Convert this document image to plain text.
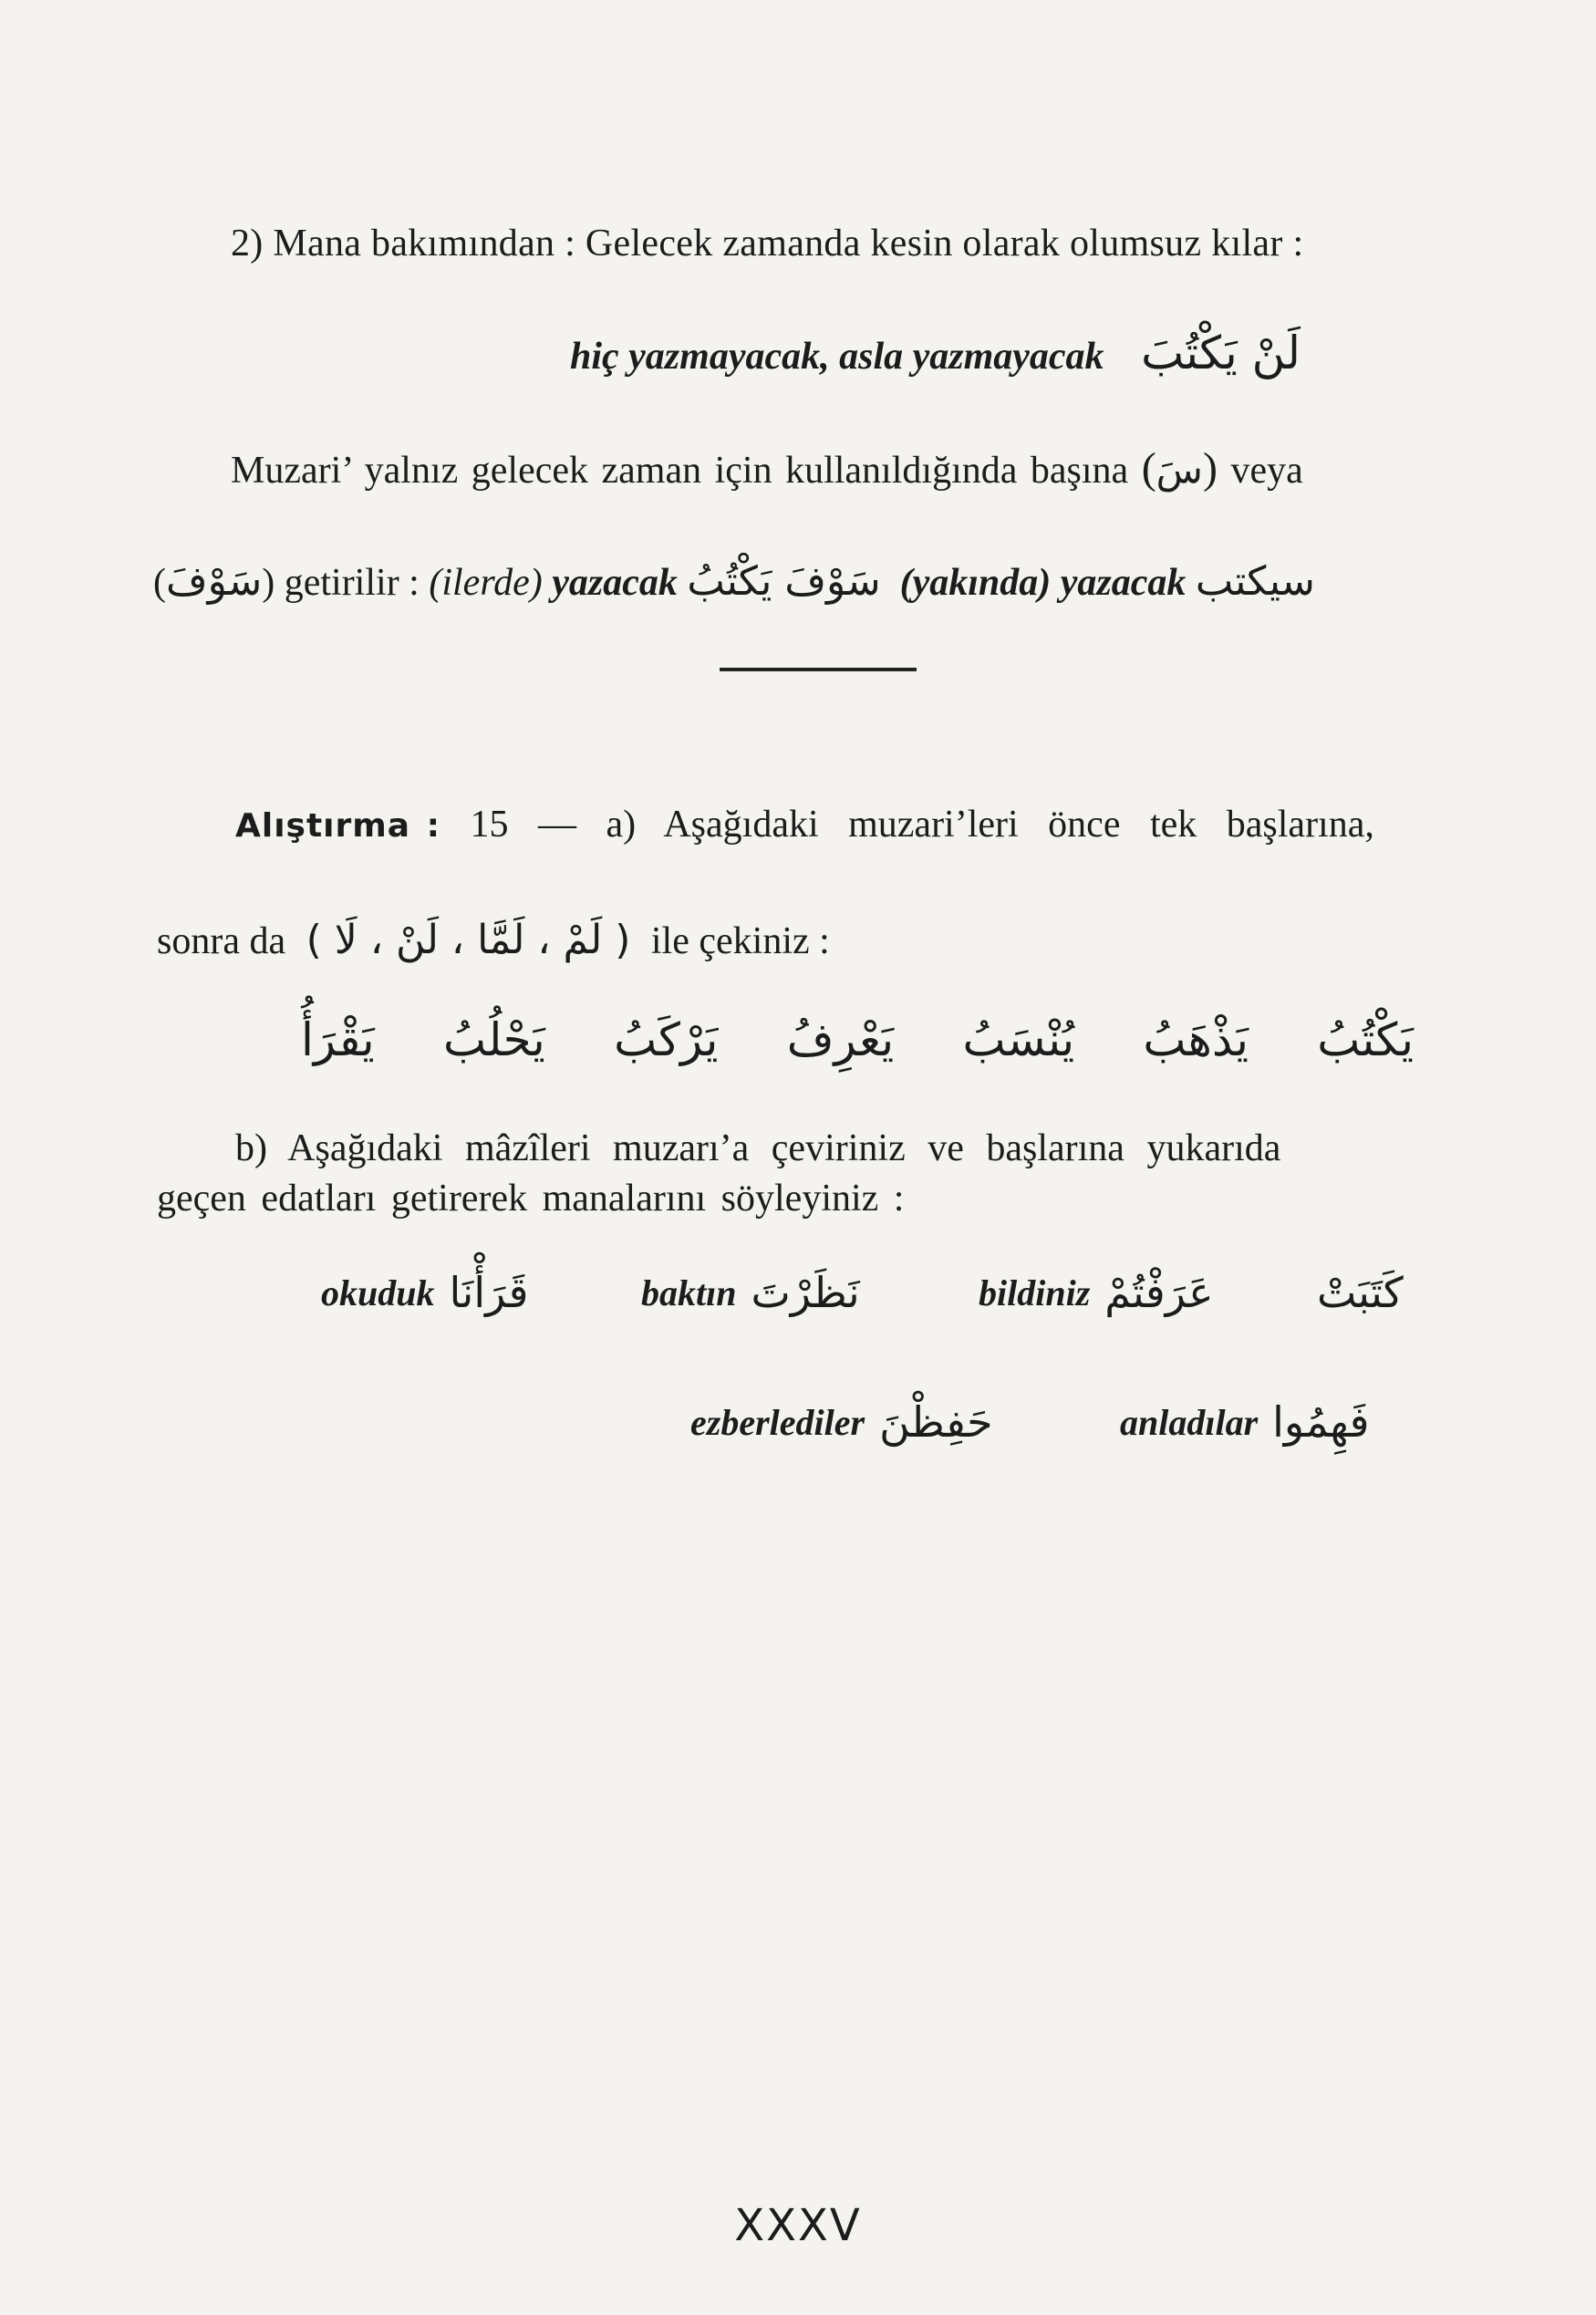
2) Mana bakımından : Gelecek zamanda kesin olarak olumsuz kılar :
hiç yazmayacak, asla yazmayacak لَنْ يَكْتُبَ
Muzari’ yalnız gelecek zaman için kullanıldığında başına (سَ) veya
(سَوْفَ) getirilir : (ilerde) yazacak سَوْفَ يَكْتُبُ (yakında) yazacak سيكتب
Alıştırma : 15 — a) Aşağıdaki muzari’leri önce tek başlarına,
sonra da ( لَمْ ، لَمَّا ، لَنْ ، لَا ) ile çekiniz :
يَكْتُبُ
يَذْهَبُ
يُنْسَبُ
يَعْرِفُ
يَرْكَبُ
يَحْلُبُ
يَقْرَأُ
b) Aşağıdaki mâzîleri muzarı’a çeviriniz ve başlarına yukarıda
geçen edatları getirerek manalarını söyleyiniz :
okuduk قَرَأْنَا	baktın نَظَرْتَ	bildiniz عَرَفْتُمْ كَتَبَتْ
ezberlediler حَفِظْنَ	anladılar فَهِمُوا
XXXV
